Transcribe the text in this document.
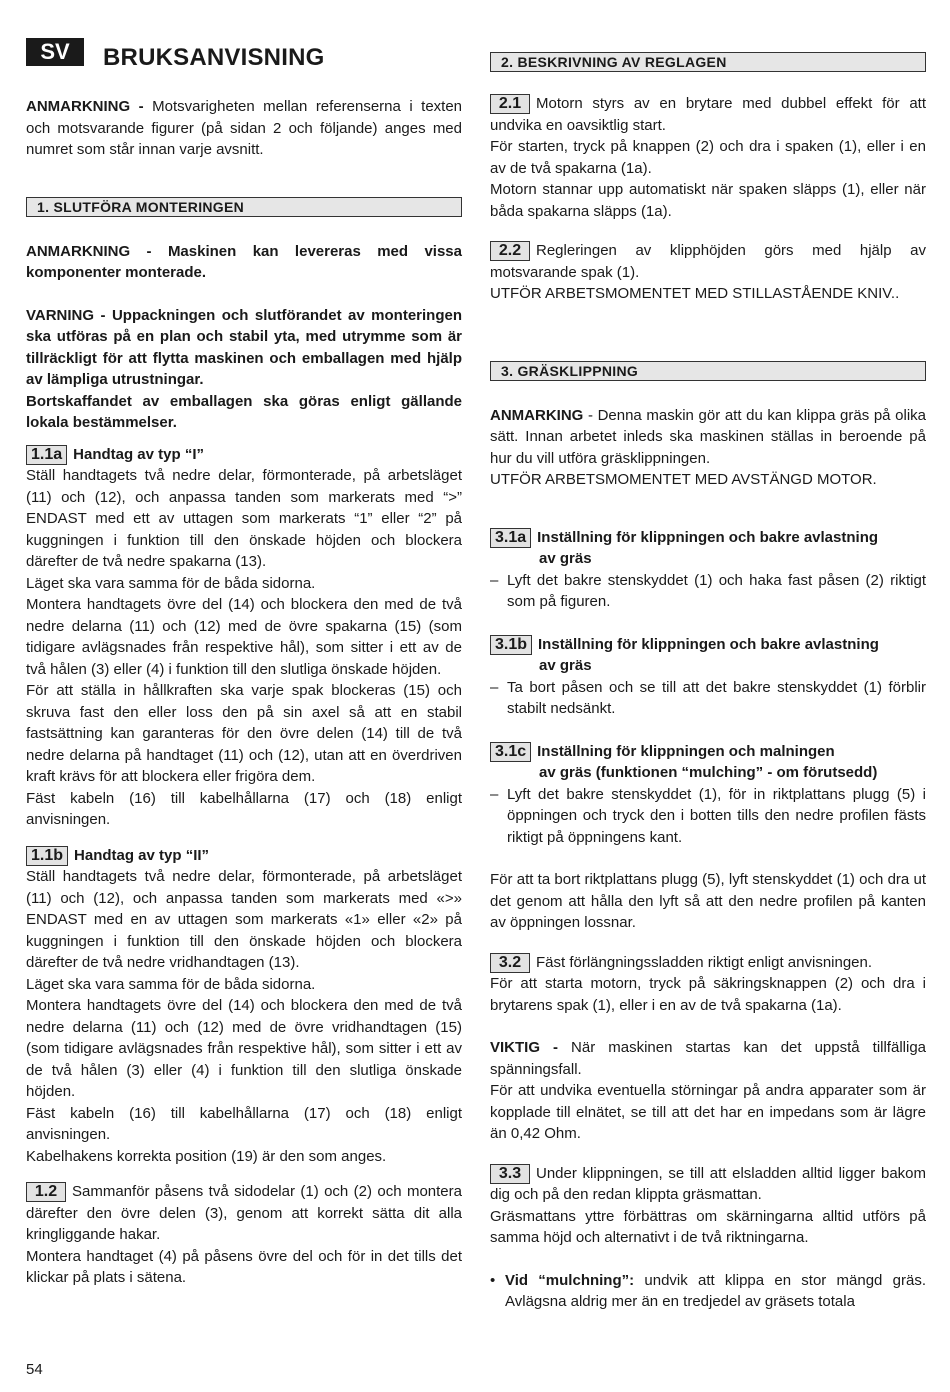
SV	BRUKSANVISNING

ANMARKNING - Motsvarigheten mellan referenserna i texten och motsvarande figurer (på sidan 2 och följande) anges med numret som står innan varje avsnitt.

1. SLUTFÖRA MONTERINGEN

ANMARKNING - Maskinen kan levereras med vissa komponenter monterade.

VARNING - Uppackningen och slutförandet av monteringen ska utföras på en plan och stabil yta, med utrymme som är tillräckligt för att flytta maskinen och emballagen med hjälp av lämpliga utrustningar.

Bortskaffandet av emballagen ska göras enligt gällande lokala bestämmelser.

1.1a Handtag av typ “I”

Ställ handtagets två nedre delar, förmonterade, på arbetsläget (11) och (12), och anpassa tanden som markerats med “>” ENDAST med ett av uttagen som markerats “1” eller “2” på kuggningen i funktion till den önskade höjden och blockera därefter de två nedre spakarna (13).

Läget ska vara samma för de båda sidorna.

Montera handtagets övre del (14) och blockera den med de två nedre delarna (11) och (12) med de övre spakarna (15) (som tidigare avlägsnades från respektive hål), som sitter i ett av de två hålen (3) eller (4) i funktion till den slutliga önskade höjden.

För att ställa in hållkraften ska varje spak blockeras (15) och skruva fast den eller loss den på sin axel så att en stabil fastsättning kan garanteras för den övre delen (14) till de två nedre delarna på handtaget (11) och (12), utan att en överdriven kraft krävs för att blockera eller frigöra dem.

Fäst kabeln (16) till kabelhållarna (17) och (18) enligt anvisningen.

1.1b Handtag av typ “II”

Ställ handtagets två nedre delar, förmonterade, på arbetsläget (11) och (12), och anpassa tanden som markerats med «>» ENDAST med en av uttagen som markerats «1» eller «2» på kuggningen i funktion till den önskade höjden och blockera därefter de två nedre vridhandtagen (13).

Läget ska vara samma för de båda sidorna.

Montera handtagets övre del (14) och blockera den med de två nedre delarna (11) och (12) med de övre vridhandtagen (15) (som tidigare avlägsnades från respektive hål), som sitter i ett av de två hålen (3) eller (4) i funktion till den slutliga önskade höjden.

Fäst kabeln (16) till kabelhållarna (17) och (18) enligt anvisningen.

Kabelhakens korrekta position (19) är den som anges.

1.2 Sammanför påsens två sidodelar (1) och (2) och montera därefter den övre delen (3), genom att korrekt sätta dit alla kringliggande hakar.

Montera handtaget (4) på påsens övre del och för in det tills det klickar på plats i sätena.

2. BESKRIVNING AV REGLAGEN

2.1 Motorn styrs av en brytare med dubbel effekt för att undvika en oavsiktlig start.

För starten, tryck på knappen (2) och dra i spaken (1), eller i en av de två spakarna (1a).

Motorn stannar upp automatiskt när spaken släpps (1), eller när båda spakarna släpps (1a).

2.2 Regleringen av klipphöjden görs med hjälp av motsvarande spak (1).

UTFÖR ARBETSMOMENTET MED STILLASTÅENDE KNIV..

3. GRÄSKLIPPNING

ANMARKING - Denna maskin gör att du kan klippa gräs på olika sätt. Innan arbetet inleds ska maskinen ställas in beroende på hur du vill utföra gräsklippningen.

UTFÖR ARBETSMOMENTET MED AVSTÄNGD MOTOR.

3.1a Inställning för klippningen och bakre avlastning
av gräs
– Lyft det bakre stenskyddet (1) och haka fast påsen (2) riktigt som på figuren.
3.1b Inställning för klippningen och bakre avlastning
av gräs
– Ta bort påsen och se till att det bakre stenskyddet (1) förblir stabilt nedsänkt.
3.1c Inställning för klippningen och malningen
av gräs (funktionen “mulching” - om förutsedd)
– Lyft det bakre stenskyddet (1), för in riktplattans plugg (5) i öppningen och tryck den i botten tills den nedre profilen fästs riktigt på öppningens kant.

För att ta bort riktplattans plugg (5), lyft stenskyddet (1) och dra ut det genom att hålla den lyft så att den nedre profilen på kanten av öppningen lossnar.

3.2 Fäst förlängningssladden riktigt enligt anvisningen.

För att starta motorn, tryck på säkringsknappen (2) och dra i brytarens spak (1), eller i en av de två spakarna (1a).

VIKTIG - När maskinen startas kan det uppstå tillfälliga spänningsfall.

För att undvika eventuella störningar på andra apparater som är kopplade till elnätet, se till att det har en impedans som är lägre än 0,42 Ohm.

3.3 Under klippningen, se till att elsladden alltid ligger bakom dig och på den redan klippta gräsmattan.

Gräsmattans yttre förbättras om skärningarna alltid utförs på samma höjd och alternativt i de två riktningarna.

• Vid “mulchning”: undvik att klippa en stor mängd gräs. Avlägsna aldrig mer än en tredjedel av gräsets totala
54
